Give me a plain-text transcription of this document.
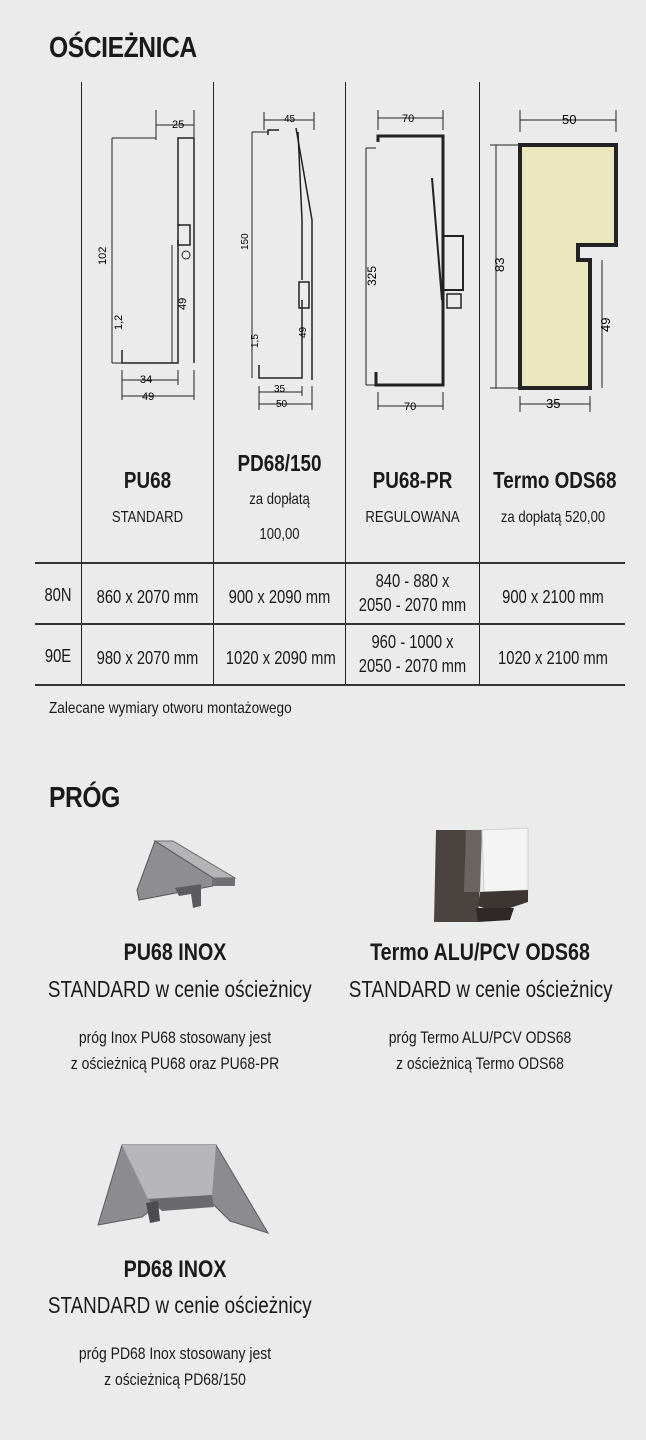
OŚCIEŻNICA
25
102
49
1,2
34
49
45
150
49
1,5
35
50
70
325
70
50
83
49
35
PU68
STANDARD
PD68/150
za dopłatą
100,00
PU68-PR
REGULOWANA
Termo ODS68
za dopłatą 520,00
80N 860 x 2070 mm 900 x 2090 mm
840 - 880 x
2050 - 2070 mm	900 x 2100 mm
90E	980 x 2070 mm 1020 x 2090 mm
960 - 1000 x
2050 - 2070 mm 1020 x 2100 mm
Zalecane wymiary otworu montażowego
PRÓG
PU68 INOX
STANDARD w cenie ościeżnicy
próg Inox PU68 stosowany jest
z ościeżnicą PU68 oraz PU68-PR
Termo ALU/PCV ODS68
STANDARD w cenie ościeżnicy
próg Termo ALU/PCV ODS68
z ościeżnicą Termo ODS68
PD68 INOX
STANDARD w cenie ościeżnicy
próg PD68 Inox stosowany jest
z ościeżnicą PD68/150
